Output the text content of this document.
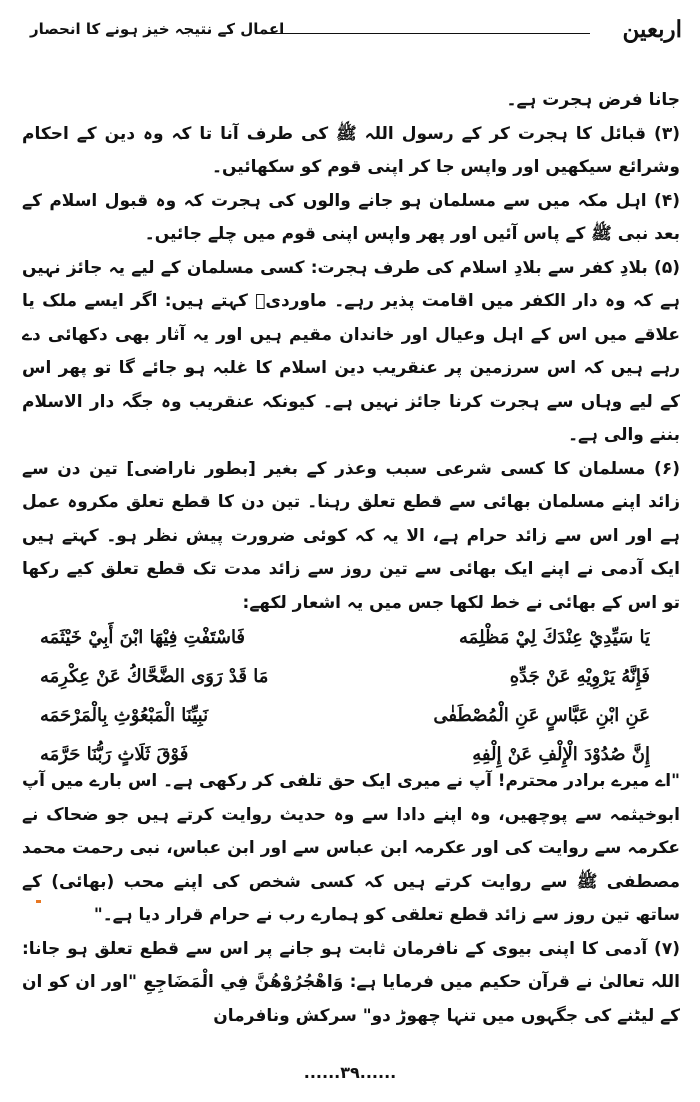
اعمال کے نتیجہ خیز ہونے کا انحصار	اربعین

جانا فرض ہجرت ہے۔

(۳) قبائل کا ہجرت کر کے رسول اللہ ﷺ کی طرف آنا تا کہ وہ دین کے احکام وشرائع سیکھیں اور واپس جا کر اپنی قوم کو سکھائیں۔

(۴) اہل مکہ میں سے مسلمان ہو جانے والوں کی ہجرت کہ وہ قبول اسلام کے بعد نبی ﷺ کے پاس آئیں اور پھر واپس اپنی قوم میں چلے جائیں۔

(۵) بلادِ کفر سے بلادِ اسلام کی طرف ہجرت: کسی مسلمان کے لیے یہ جائز نہیں ہے کہ وہ دار الکفر میں اقامت پذیر رہے۔ ماوردیؒ کہتے ہیں: اگر ایسے ملک یا علاقے میں اس کے اہل وعیال اور خاندان مقیم ہیں اور یہ آثار بھی دکھائی دے رہے ہیں کہ اس سرزمین پر عنقریب دین اسلام کا غلبہ ہو جائے گا تو پھر اس کے لیے وہاں سے ہجرت کرنا جائز نہیں ہے۔ کیونکہ عنقریب وہ جگہ دار الاسلام بننے والی ہے۔

(۶) مسلمان کا کسی شرعی سبب وعذر کے بغیر [بطور ناراضی] تین دن سے زائد اپنے مسلمان بھائی سے قطع تعلق رہنا۔ تین دن کا قطع تعلق مکروہ عمل ہے اور اس سے زائد حرام ہے، الا یہ کہ کوئی ضرورت پیش نظر ہو۔ کہتے ہیں ایک آدمی نے اپنے ایک بھائی سے تین روز سے زائد مدت تک قطع تعلق کیے رکھا تو اس کے بھائی نے خط لکھا جس میں یہ اشعار لکھے:

يَا سَيِّدِيْ عِنْدَكَ لِيْ مَظْلِمَه
فَاسْتَفْتِ فِيْهَا ابْنَ أَبِيْ خَيْثَمَه
فَإِنَّهُ يَرْوِيْهِ عَنْ جَدِّهِ
مَا قَدْ رَوَى الضَّحَّاكُ عَنْ عِكْرِمَه
عَنِ ابْنِ عَبَّاسٍ عَنِ الْمُصْطَفٰى
نَبِيِّنَا الْمَبْعُوْثِ بِالْمَرْحَمَه
إِنَّ صُدُوْدَ الْإِلْفِ عَنْ إِلْفِهِ
فَوْقَ ثَلَاثٍ رَبُّنَا حَرَّمَه

"اے میرے برادر محترم! آپ نے میری ایک حق تلفی کر رکھی ہے۔ اس بارے میں آپ ابوخیثمہ سے پوچھیں، وہ اپنے دادا سے وہ حدیث روایت کرتے ہیں جو ضحاک نے عکرمہ سے روایت کی اور عکرمہ ابن عباس سے اور ابن عباس، نبی رحمت محمد مصطفی ﷺ سے روایت کرتے ہیں کہ کسی شخص کی اپنے محب (بھائی) کے ساتھ تین روز سے زائد قطع تعلقی کو ہمارے رب نے حرام قرار دیا ہے۔"

(۷) آدمی کا اپنی بیوی کے نافرمان ثابت ہو جانے پر اس سے قطع تعلق ہو جانا: اللہ تعالیٰ نے قرآن حکیم میں فرمایا ہے: وَاهْجُرُوْهُنَّ فِي الْمَضَاجِعِ "اور ان کو ان کے لیٹنے کی جگہوں میں تنہا چھوڑ دو" سرکش ونافرمان

......٣٩......
